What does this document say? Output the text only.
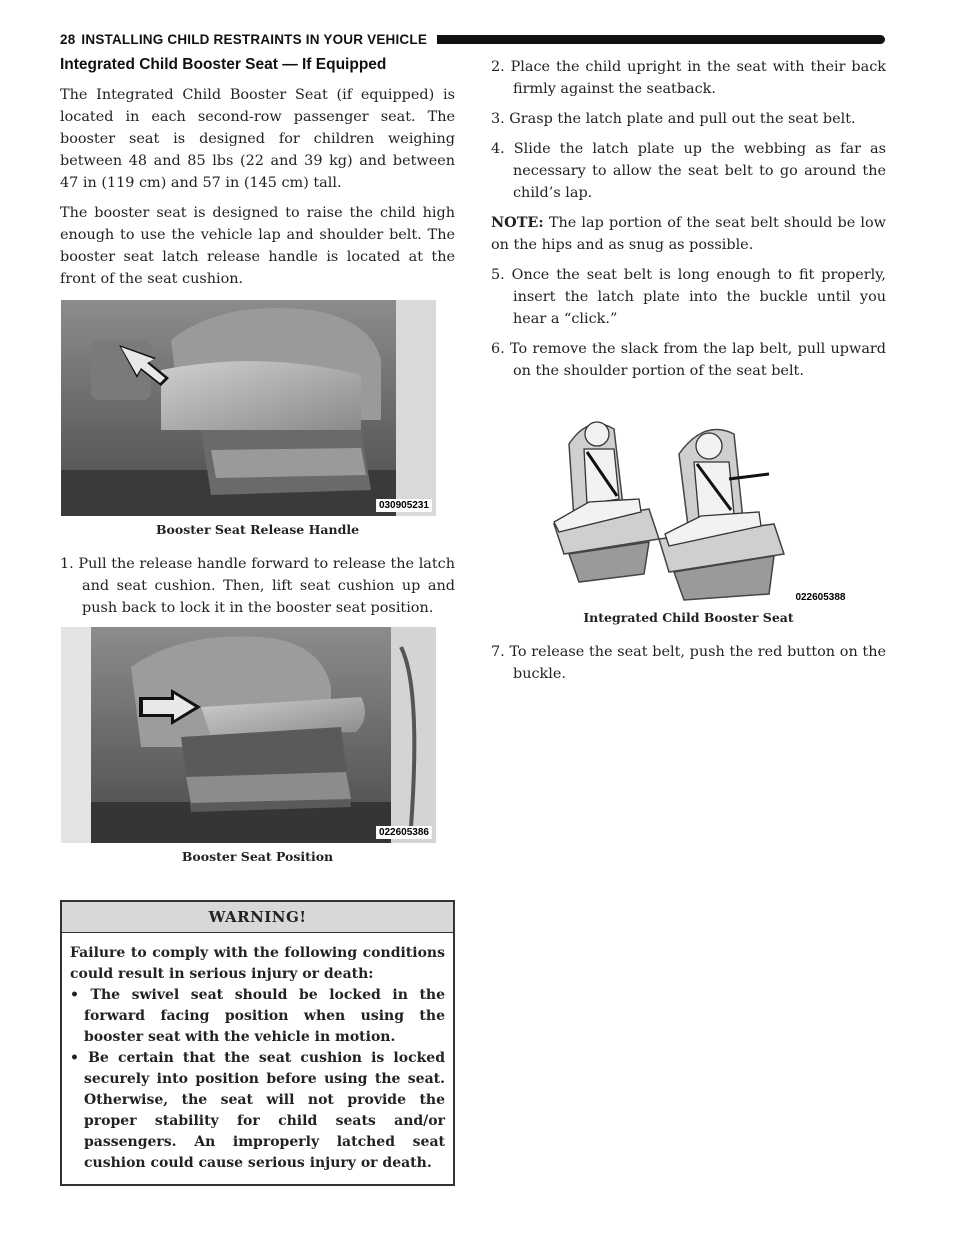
28 INSTALLING CHILD RESTRAINTS IN YOUR VEHICLE
Integrated Child Booster Seat — If Equipped

The Integrated Child Booster Seat (if equipped) is located in each second-row passenger seat. The booster seat is designed for children weighing between 48 and 85 lbs (22 and 39 kg) and between 47 in (119 cm) and 57 in (145 cm) tall.

The booster seat is designed to raise the child high enough to use the vehicle lap and shoulder belt. The booster seat latch release handle is located at the front of the seat cushion.

030905231
Booster Seat Release Handle

1. Pull the release handle forward to release the latch and seat cushion. Then, lift seat cushion up and push back to lock it in the booster seat position.

022605386
Booster Seat Position
WARNING!
Failure to comply with the following conditions could result in serious injury or death:
• The swivel seat should be locked in the forward facing position when using the booster seat with the vehicle in motion.
• Be certain that the seat cushion is locked securely into position before using the seat. Otherwise, the seat will not provide the proper stability for child seats and/or passengers. An improperly latched seat cushion could cause serious injury or death.

2. Place the child upright in the seat with their back firmly against the seatback.

3. Grasp the latch plate and pull out the seat belt.

4. Slide the latch plate up the webbing as far as necessary to allow the seat belt to go around the child’s lap.

NOTE: The lap portion of the seat belt should be low on the hips and as snug as possible.

5. Once the seat belt is long enough to fit properly, insert the latch plate into the buckle until you hear a “click.”

6. To remove the slack from the lap belt, pull upward on the shoulder portion of the seat belt.

022605388
Integrated Child Booster Seat

7. To release the seat belt, push the red button on the buckle.
